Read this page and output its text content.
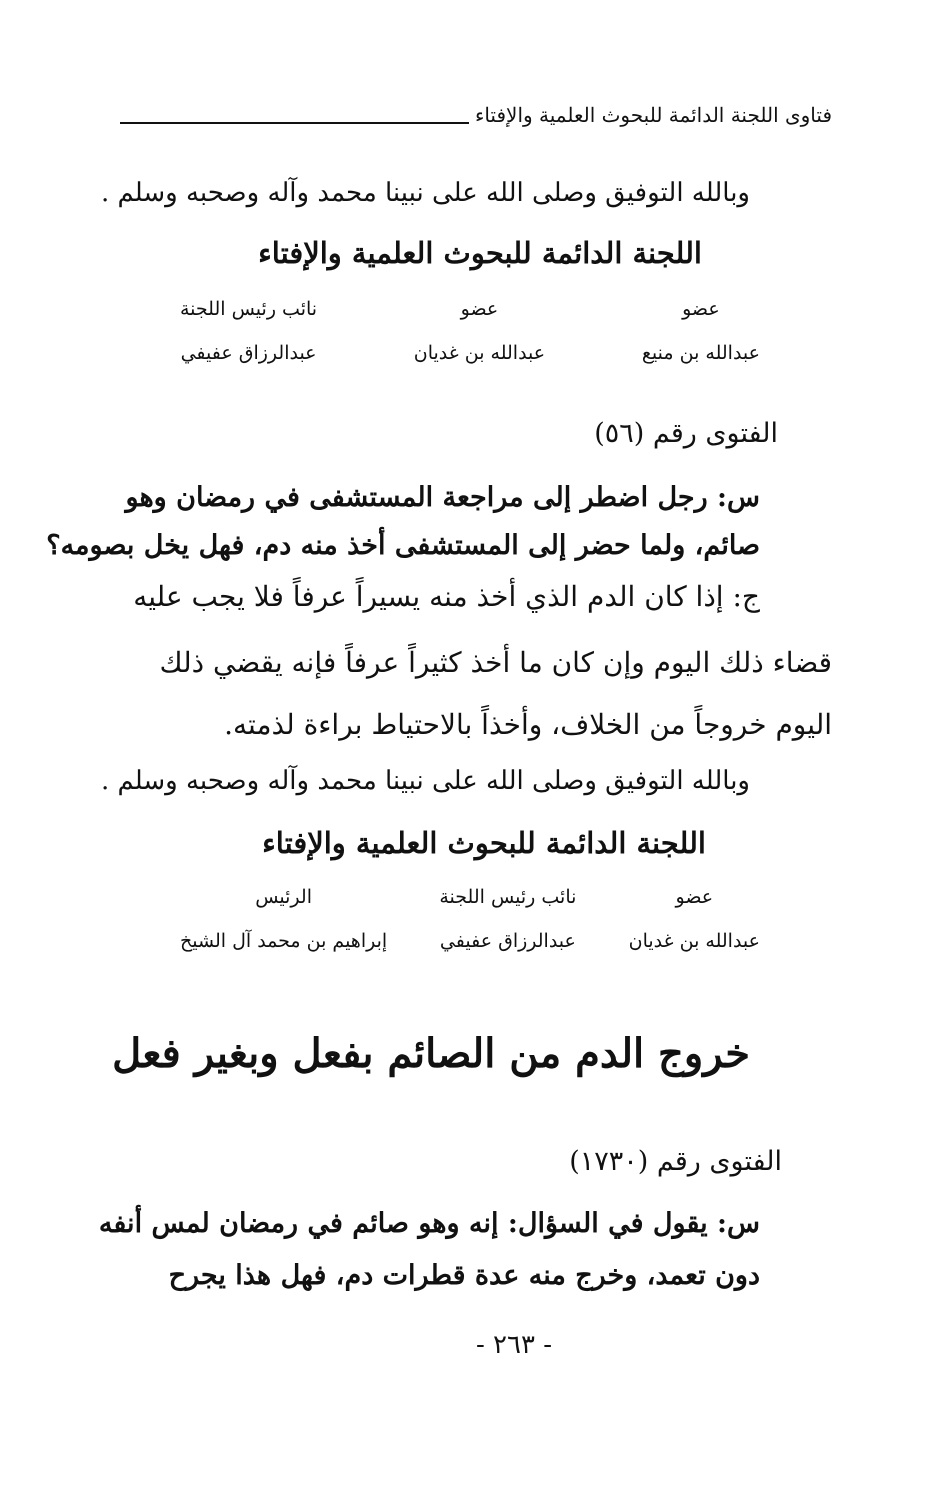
فتاوى اللجنة الدائمة للبحوث العلمية والإفتاء
وبالله التوفيق وصلى الله على نبينا محمد وآله وصحبه وسلم .
اللجنة الدائمة للبحوث العلمية والإفتاء
عضو
عبدالله بن منيع
عضو
عبدالله بن غديان
نائب رئيس اللجنة
عبدالرزاق عفيفي
الفتوى رقم (٥٦)
س: رجل اضطر إلى مراجعة المستشفى في رمضان وهو
صائم، ولما حضر إلى المستشفى أخذ منه دم، فهل يخل بصومه؟
ج: إذا كان الدم الذي أخذ منه يسيراً عرفاً فلا يجب عليه
قضاء ذلك اليوم وإن كان ما أخذ كثيراً عرفاً فإنه يقضي ذلك
اليوم خروجاً من الخلاف، وأخذاً بالاحتياط براءة لذمته.
وبالله التوفيق وصلى الله على نبينا محمد وآله وصحبه وسلم .
اللجنة الدائمة للبحوث العلمية والإفتاء
عضو
عبدالله بن غديان
نائب رئيس اللجنة
عبدالرزاق عفيفي
الرئيس
إبراهيم بن محمد آل الشيخ
خروج الدم من الصائم بفعل وبغير فعل
الفتوى رقم (١٧٣٠)
س: يقول في السؤال: إنه وهو صائم في رمضان لمس أنفه
دون تعمد، وخرج منه عدة قطرات دم، فهل هذا يجرح
- ٢٦٣ -
